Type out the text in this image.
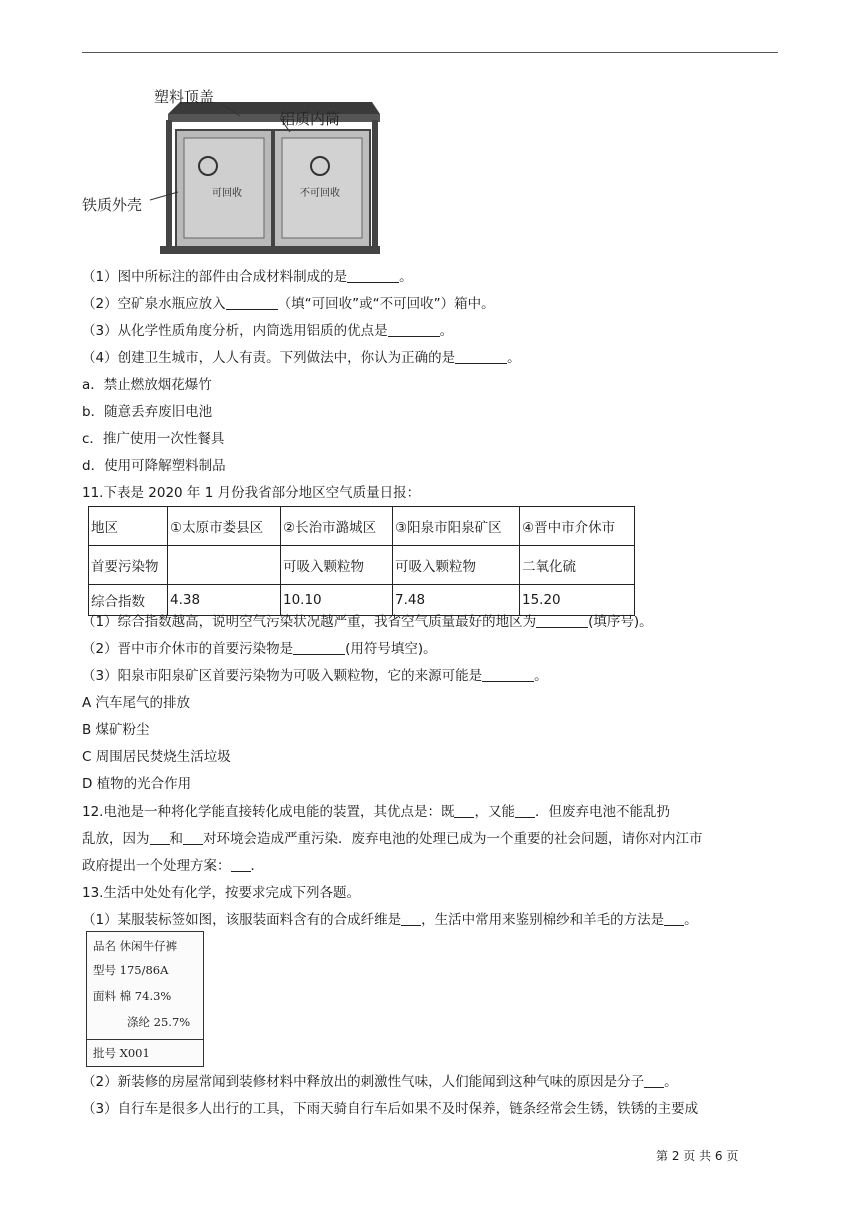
塑料顶盖
铝质内筒
铁质外壳
可回收	不可回收
（1）图中所标注的部件由合成材料制成的是	。
（2）空矿泉水瓶应放入	（填“可回收”或“不可回收”）箱中。
（3）从化学性质角度分析，内筒选用铝质的优点是	。
（4）创建卫生城市，人人有责。下列做法中，你认为正确的是	。
a．禁止燃放烟花爆竹
b．随意丢弃废旧电池
c．推广使用一次性餐具
d．使用可降解塑料制品
11.下表是 2020 年 1 月份我省部分地区空气质量日报：
地区	①太原市娄县区	②长治市潞城区	③阳泉市阳泉矿区	④晋中市介休市
首要污染物		可吸入颗粒物	可吸入颗粒物	二氧化硫
综合指数	4.38	10.10	7.48	15.20
（1）综合指数越高，说明空气污染状况越严重，我省空气质量最好的地区为	(填序号)。
（2）晋中市介休市的首要污染物是	(用符号填空)。
（3）阳泉市阳泉矿区首要污染物为可吸入颗粒物，它的来源可能是	。
A 汽车尾气的排放
B 煤矿粉尘
C 周围居民焚烧生活垃圾
D 植物的光合作用
12.电池是一种将化学能直接转化成电能的装置，其优点是：既 ，又能 ．但废弃电池不能乱扔
乱放，因为 和 对环境会造成严重污染．废弃电池的处理已成为一个重要的社会问题，请你对内江市
政府提出一个处理方案： ．
13.生活中处处有化学，按要求完成下列各题。
（1）某服装标签如图，该服装面料含有的合成纤维是 ，生活中常用来鉴别棉纱和羊毛的方法是 。
品名 休闲牛仔裤
型号 175/86A
面料 棉 74.3%
涤纶 25.7%
批号 X001
（2）新装修的房屋常闻到装修材料中释放出的刺激性气味，人们能闻到这种气味的原因是分子 。
（3）自行车是很多人出行的工具，下雨天骑自行车后如果不及时保养，链条经常会生锈，铁锈的主要成
第 2 页 共 6 页
